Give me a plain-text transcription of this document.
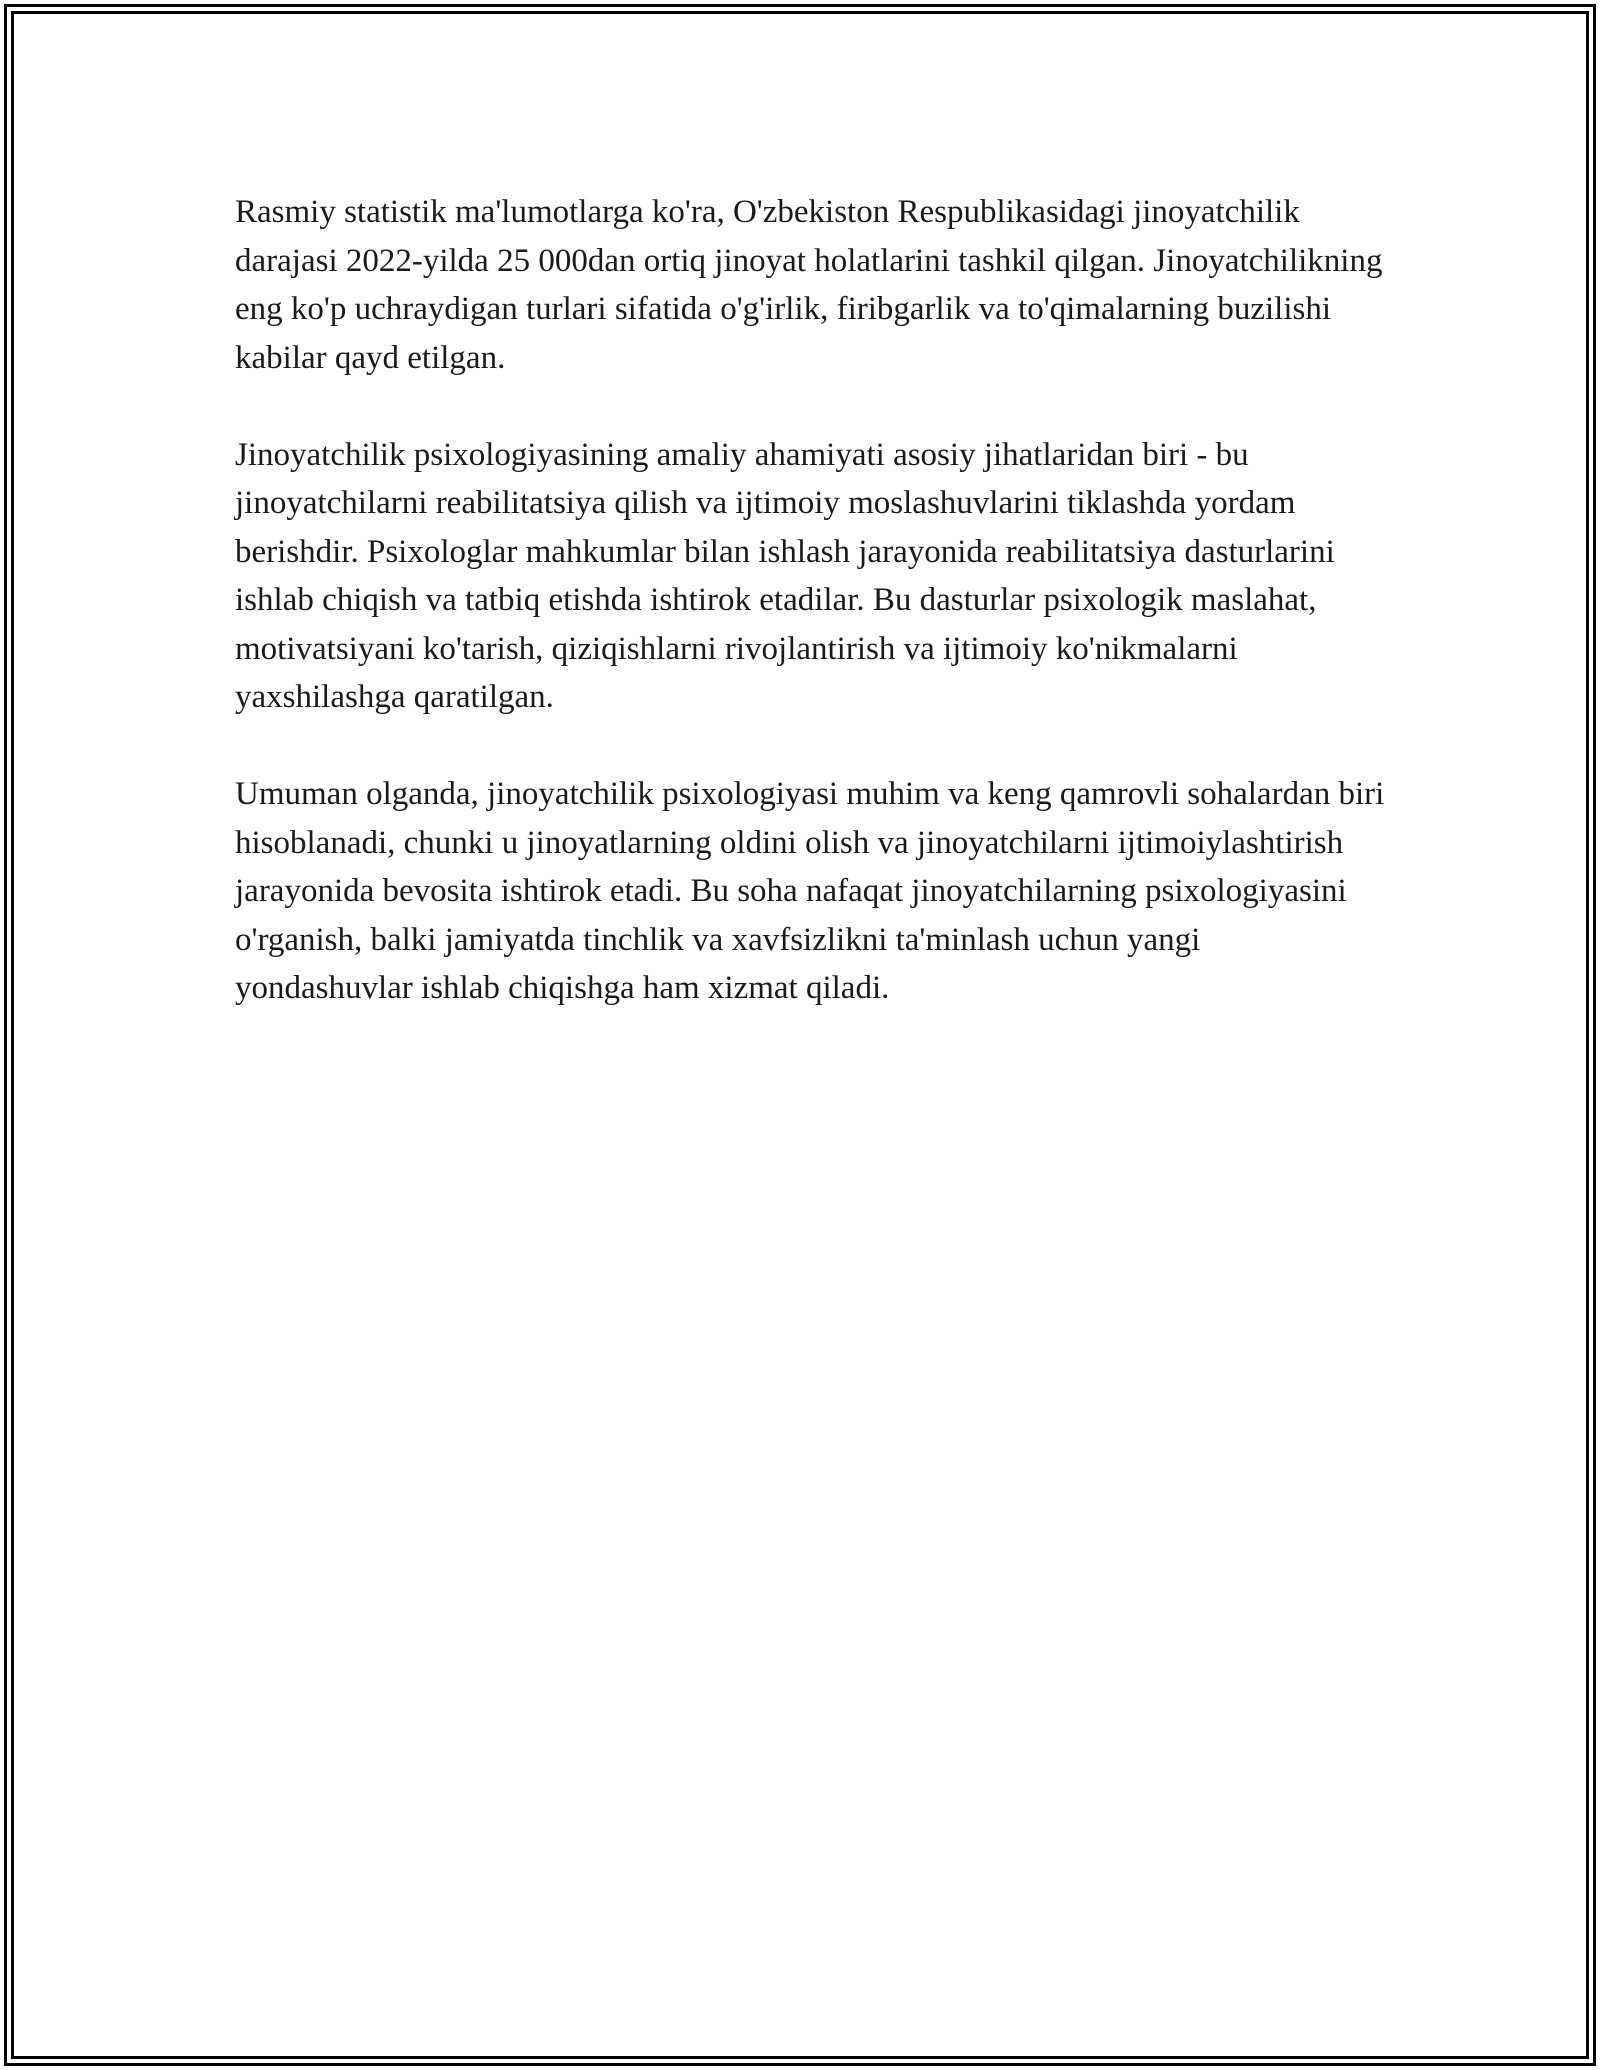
Rasmiy statistik ma'lumotlarga ko'ra, O'zbekiston Respublikasidagi jinoyatchilik darajasi 2022-yilda 25 000dan ortiq jinoyat holatlarini tashkil qilgan. Jinoyatchilikning eng ko'p uchraydigan turlari sifatida o'g'irlik, firibgarlik va to'qimalarning buzilishi kabilar qayd etilgan.

Jinoyatchilik psixologiyasining amaliy ahamiyati asosiy jihatlaridan biri - bu jinoyatchilarni reabilitatsiya qilish va ijtimoiy moslashuvlarini tiklashda yordam berishdir. Psixologlar mahkumlar bilan ishlash jarayonida reabilitatsiya dasturlarini ishlab chiqish va tatbiq etishda ishtirok etadilar. Bu dasturlar psixologik maslahat, motivatsiyani ko'tarish, qiziqishlarni rivojlantirish va ijtimoiy ko'nikmalarni yaxshilashga qaratilgan.

Umuman olganda, jinoyatchilik psixologiyasi muhim va keng qamrovli sohalardan biri hisoblanadi, chunki u jinoyatlarning oldini olish va jinoyatchilarni ijtimoiylashtirish jarayonida bevosita ishtirok etadi. Bu soha nafaqat jinoyatchilarning psixologiyasini o'rganish, balki jamiyatda tinchlik va xavfsizlikni ta'minlash uchun yangi yondashuvlar ishlab chiqishga ham xizmat qiladi.
